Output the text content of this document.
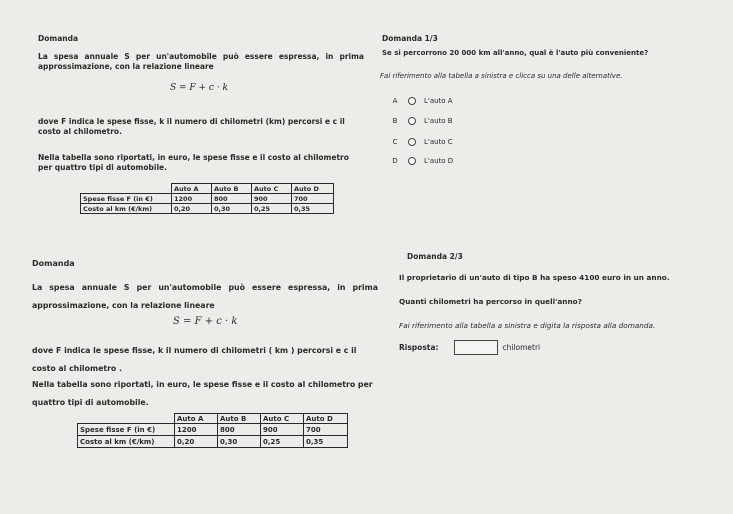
Domanda
La spesa annuale S per un'automobile può essere espressa, in prima approssimazione, con la relazione lineare
S = F + c · k
dove F indica le spese fisse, k il numero di chilometri (km) percorsi e c il costo al chilometro.
Nella tabella sono riportati, in euro, le spese fisse e il costo al chilometro per quattro tipi di automobile.
	Auto A	Auto B	Auto C	Auto D
Spese fisse F (in €)	1200	800	900	700
Costo al km (€/km)	0,20	0,30	0,25	0,35
Domanda 1/3
Se si percorrono 20 000 km all'anno, qual è l'auto più conveniente?
Fai riferimento alla tabella a sinistra e clicca su una delle alternative.
A	L'auto A
B	L'auto B
C	L'auto C
D	L'auto D
Domanda
La spesa annuale S per un'automobile può essere espressa, in prima approssimazione, con la relazione lineare
S = F + c · k
dove F indica le spese fisse, k il numero di chilometri ( km ) percorsi e c il costo al chilometro .
Nella tabella sono riportati, in euro, le spese fisse e il costo al chilometro per quattro tipi di automobile.
	Auto A	Auto B	Auto C	Auto D
Spese fisse F (in €)	1200	800	900	700
Costo al km (€/km)	0,20	0,30	0,25	0,35
Domanda 2/3
Il proprietario di un'auto di tipo B ha speso 4100 euro in un anno.
Quanti chilometri ha percorso in quell'anno?
Fai riferimento alla tabella a sinistra e digita la risposta alla domanda.
Risposta:	chilometri
